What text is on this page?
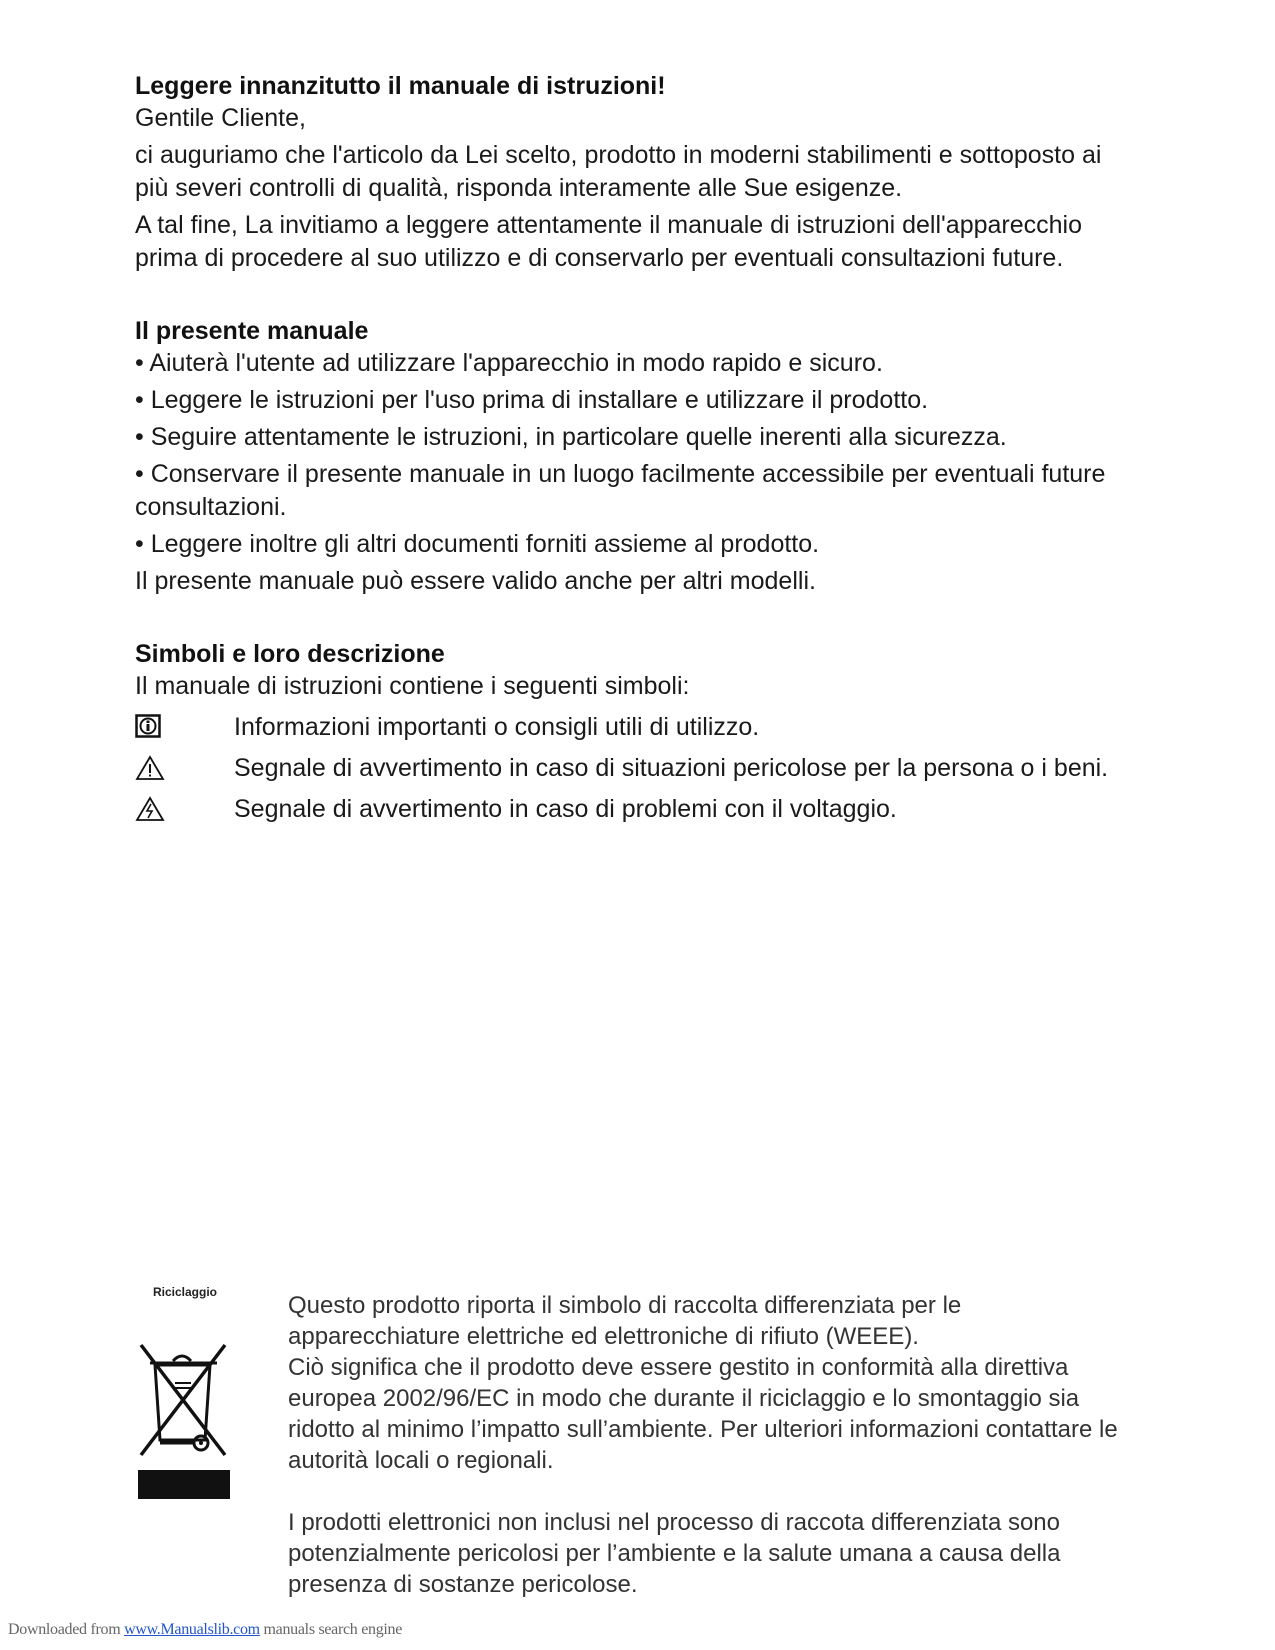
Leggere innanzitutto il manuale di istruzioni!

Gentile Cliente,

ci auguriamo che l'articolo da Lei scelto, prodotto in moderni stabilimenti e sottoposto ai più severi controlli di qualità, risponda interamente alle Sue esigenze.

A tal fine, La invitiamo a leggere attentamente il manuale di istruzioni dell'apparecchio prima di procedere al suo utilizzo e di conservarlo per eventuali consultazioni future.

Il presente manuale

• Aiuterà l'utente ad utilizzare l'apparecchio in modo rapido e sicuro.

• Leggere le istruzioni per l'uso prima di installare e utilizzare il prodotto.

• Seguire attentamente le istruzioni, in particolare quelle inerenti alla sicurezza.

• Conservare il presente manuale in un luogo facilmente accessibile per eventuali future consultazioni.

• Leggere inoltre gli altri documenti forniti assieme al prodotto.

Il presente manuale può essere valido anche per altri modelli.

Simboli e loro descrizione

Il manuale di istruzioni contiene i seguenti simboli:

Informazioni importanti o consigli utili di utilizzo.
Segnale di avvertimento in caso di situazioni pericolose per la persona o i beni.
Segnale di avvertimento in caso di problemi con il voltaggio.

Riciclaggio	Questo prodotto riporta il simbolo di raccolta differenziata per le apparecchiature elettriche ed elettroniche di rifiuto (WEEE).

Ciò significa che il prodotto deve essere gestito in conformità alla direttiva europea 2002/96/EC in modo che durante il riciclaggio e lo smontaggio sia ridotto al minimo l’impatto sull’ambiente. Per ulteriori informazioni contattare le autorità locali o regionali.

I prodotti elettronici non inclusi nel processo di raccota differenziata sono potenzialmente pericolosi per l’ambiente e la salute umana a causa della presenza di sostanze pericolose.

Downloaded from www.Manualslib.com manuals search engine
